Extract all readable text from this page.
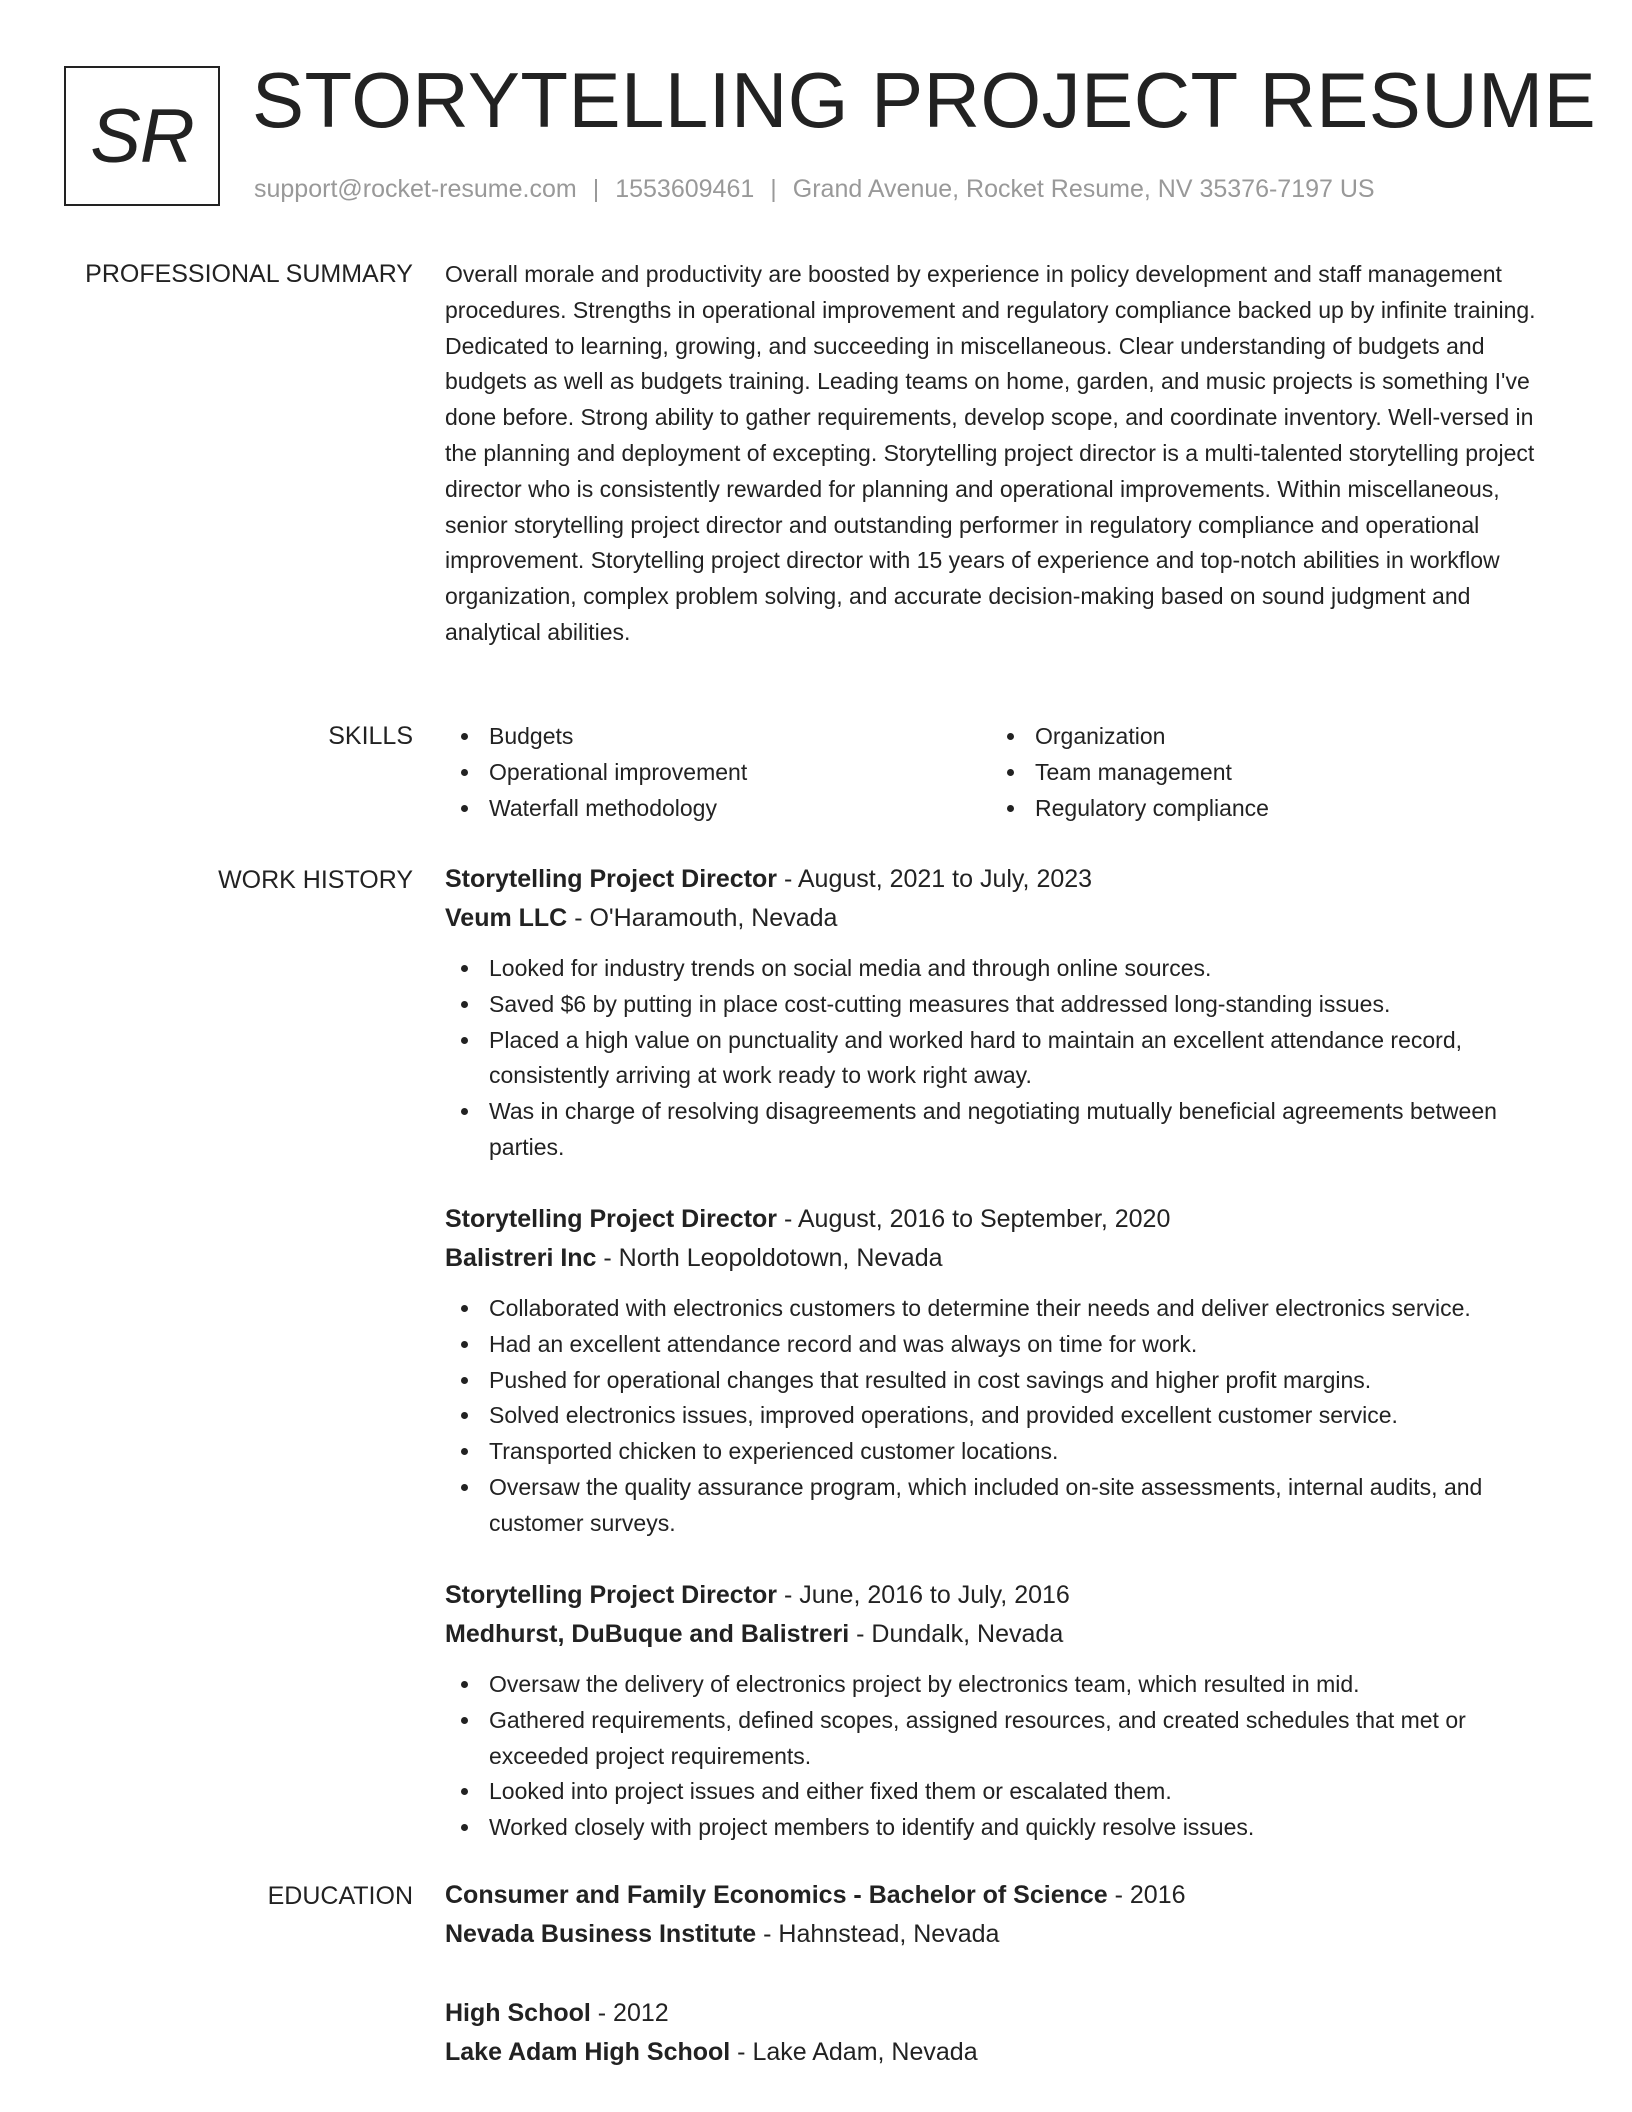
SR STORYTELLING PROJECT RESUME
support@rocket-resume.com | 1553609461 | Grand Avenue, Rocket Resume, NV 35376-7197 US
PROFESSIONAL SUMMARY Overall morale and productivity are boosted by experience in policy development and staff management procedures. Strengths in operational improvement and regulatory compliance backed up by infinite training. Dedicated to learning, growing, and succeeding in miscellaneous. Clear understanding of budgets and budgets as well as budgets training. Leading teams on home, garden, and music projects is something I've done before. Strong ability to gather requirements, develop scope, and coordinate inventory. Well-versed in the planning and deployment of excepting. Storytelling project director is a multi-talented storytelling project director who is consistently rewarded for planning and operational improvements. Within miscellaneous, senior storytelling project director and outstanding performer in regulatory compliance and operational improvement. Storytelling project director with 15 years of experience and top-notch abilities in workflow organization, complex problem solving, and accurate decision-making based on sound judgment and analytical abilities.

SKILLS	Budgets
Operational improvement
Waterfall methodology
Organization
Team management
Regulatory compliance
WORK HISTORY Storytelling Project Director - August, 2021 to July, 2023
Veum LLC - O'Haramouth, Nevada
Looked for industry trends on social media and through online sources.
Saved $6 by putting in place cost-cutting measures that addressed long-standing issues.
Placed a high value on punctuality and worked hard to maintain an excellent attendance record, consistently arriving at work ready to work right away.
Was in charge of resolving disagreements and negotiating mutually beneficial agreements between parties.
Storytelling Project Director - August, 2016 to September, 2020
Balistreri Inc - North Leopoldotown, Nevada
Collaborated with electronics customers to determine their needs and deliver electronics service.
Had an excellent attendance record and was always on time for work.
Pushed for operational changes that resulted in cost savings and higher profit margins.
Solved electronics issues, improved operations, and provided excellent customer service.
Transported chicken to experienced customer locations.
Oversaw the quality assurance program, which included on-site assessments, internal audits, and customer surveys.
Storytelling Project Director - June, 2016 to July, 2016
Medhurst, DuBuque and Balistreri - Dundalk, Nevada
Oversaw the delivery of electronics project by electronics team, which resulted in mid.
Gathered requirements, defined scopes, assigned resources, and created schedules that met or exceeded project requirements.
Looked into project issues and either fixed them or escalated them.
Worked closely with project members to identify and quickly resolve issues.
EDUCATION Consumer and Family Economics - Bachelor of Science - 2016
Nevada Business Institute - Hahnstead, Nevada
High School - 2012
Lake Adam High School - Lake Adam, Nevada
